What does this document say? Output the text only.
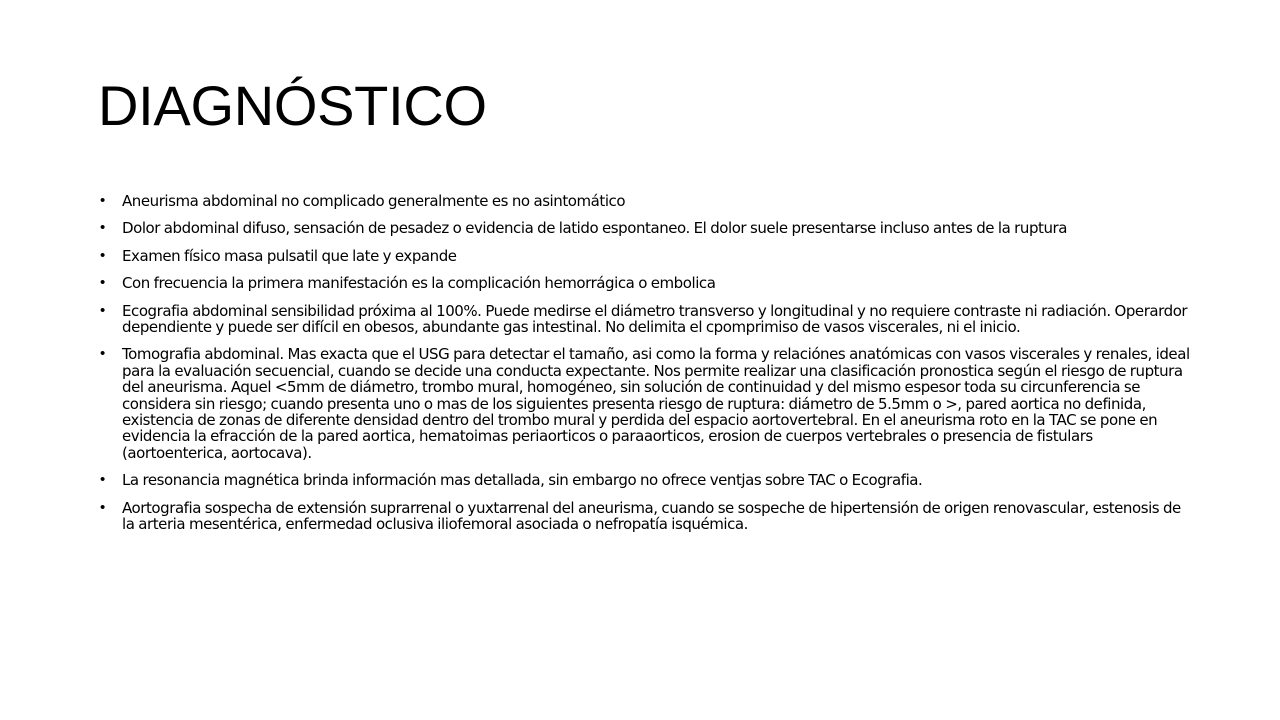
DIAGNÓSTICO
• Aneurisma abdominal no complicado generalmente es no asintomático
• Dolor abdominal difuso, sensación de pesadez o evidencia de latido espontaneo. El dolor suele presentarse incluso antes de la ruptura
• Examen físico masa pulsatil que late y expande
• Con frecuencia la primera manifestación es la complicación hemorrágica o embolica
• Ecografia abdominal sensibilidad próxima al 100%. Puede medirse el diámetro transverso y longitudinal y no requiere contraste ni radiación. Operardor dependiente y puede ser difícil en obesos, abundante gas intestinal. No delimita el cpomprimiso de vasos viscerales, ni el inicio.
• Tomografia abdominal. Mas exacta que el USG para detectar el tamaño, asi como la forma y relaciónes anatómicas con vasos viscerales y renales, ideal para la evaluación secuencial, cuando se decide una conducta expectante. Nos permite realizar una clasificación pronostica según el riesgo de ruptura del aneurisma. Aquel <5mm de diámetro, trombo mural, homogéneo, sin solución de continuidad y del mismo espesor toda su circunferencia se considera sin riesgo; cuando presenta uno o mas de los siguientes presenta riesgo de ruptura: diámetro de 5.5mm o >, pared aortica no definida, existencia de zonas de diferente densidad dentro del trombo mural y perdida del espacio aortovertebral. En el aneurisma roto en la TAC se pone en evidencia la efracción de la pared aortica, hematoimas periaorticos o paraaorticos, erosion de cuerpos vertebrales o presencia de fistulars (aortoenterica, aortocava).
• La resonancia magnética brinda información mas detallada, sin embargo no ofrece ventjas sobre TAC o Ecografia.
• Aortografia sospecha de extensión suprarrenal o yuxtarrenal del aneurisma, cuando se sospeche de hipertensión de origen renovascular, estenosis de la arteria mesentérica, enfermedad oclusiva iliofemoral asociada o nefropatía isquémica.
